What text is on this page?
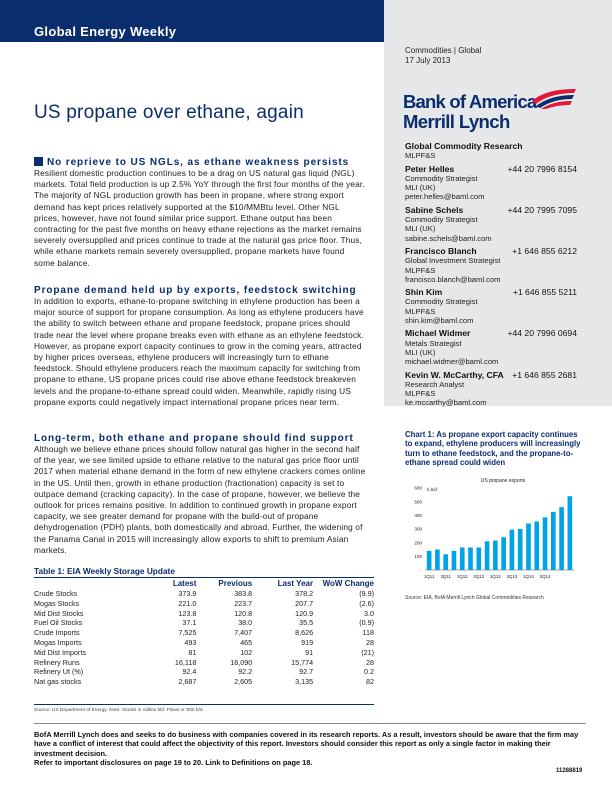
Global Energy Weekly
Commodities | Global
17 July 2013
Bank of America
Merrill Lynch
US propane over ethane, again
Global Commodity Research
MLPF&S
Peter Helles	+44 20 7996 8154
Commodity Strategist
MLI (UK)
peter.helles@baml.com
Sabine Schels	+44 20 7995 7095
Commodity Strategist
MLI (UK)
sabine.schels@baml.com
Francisco Blanch	+1 646 855 6212
Global Investment Strategist
MLPF&S
francisco.blanch@baml.com
Shin Kim	+1 646 855 5211
Commodity Strategist
MLPF&S
shin.kim@baml.com
Michael Widmer	+44 20 7996 0694
Metals Strategist
MLI (UK)
michael.widmer@baml.com
Kevin W. McCarthy, CFA +1 646 855 2681
Research Analyst
MLPF&S
ke.mccarthy@baml.com
No reprieve to US NGLs, as ethane weakness persists

Resilient domestic production continues to be a drag on US natural gas liquid (NGL) markets. Total field production is up 2.5% YoY through the first four months of the year. The majority of NGL production growth has been in propane, where strong export demand has kept prices relatively supported at the $10/MMBtu level. Other NGL prices, however, have not found similar price support. Ethane output has been contracting for the past five months on heavy ethane rejections as the market remains severely oversupplied and prices continue to trade at the natural gas price floor. Thus, while ethane markets remain severely oversupplied, propane markets have found some balance.

Propane demand held up by exports, feedstock switching

In addition to exports, ethane-to-propane switching in ethylene production has been a major source of support for propane consumption. As long as ethylene producers have the ability to switch between ethane and propane feedstock, propane prices should trade near the level where propane breaks even with ethane as an ethylene feedstock. However, as propane export capacity continues to grow in the coming years, attracted by higher prices overseas, ethylene producers will increasingly turn to ethane feedstock. Should ethylene producers reach the maximum capacity for switching from propane to ethane, US propane prices could rise above ethane feedstock breakeven levels and the propane-to-ethane spread could widen. Meanwhile, rapidly rising US propane exports could negatively impact international propane prices near term.

Long-term, both ethane and propane should find support

Although we believe ethane prices should follow natural gas higher in the second half of the year, we see limited upside to ethane relative to the natural gas price floor until 2017 when material ethane demand in the form of new ethylene crackers comes online in the US. Until then, growth in ethane production (fractionation) capacity is set to outpace demand (cracking capacity). In the case of propane, however, we believe the outlook for prices remains positive. In addition to continued growth in propane export capacity, we see greater demand for propane with the build-out of propane dehydrogenation (PDH) plants, both domestically and abroad. Further, the widening of the Panama Canal in 2015 will increasingly allow exports to shift to premium Asian markets.

Table 1: EIA Weekly Storage Update
	Latest	Previous	Last Year	WoW Change
Crude Stocks	373.9	383.8	378.2	(9.9)
Mogas Stocks	221.0	223.7	207.7	(2.6)
Mid Dist Stocks	123.8	120.8	120.9	3.0
Fuel Oil Stocks	37.1	38.0	35.5	(0.9)
Crude Imports	7,525	7,407	8,626	118
Mogas Imports	493	465	919	28
Mid Dist Imports	81	102	91	(21)
Refinery Runs	16,118	16,090	15,774	28
Refinery Ut (%)	92.4	92.2	92.7	0.2
Nat gas stocks	2,687	2,605	3,135	82
Source: US Department of Energy. Note: Stocks in million bbl. Flows in '000 b/d.
Chart 1: As propane export capacity continues to expand, ethylene producers will increasingly turn to ethane feedstock, and the propane-to-ethane spread could widen
US propane exports
k b/d
-
100
200
300
400
500
600
1Q11 3Q11 1Q12 3Q12 1Q13 3Q13 1Q14 3Q14
Source: EIA, BofA Merrill Lynch Global Commodities Research
BofA Merrill Lynch does and seeks to do business with companies covered in its research reports. As a result, investors should be aware that the firm may have a conflict of interest that could affect the objectivity of this report. Investors should consider this report as only a single factor in making their investment decision.
Refer to important disclosures on page 19 to 20. Link to Definitions on page 18.
11288819
